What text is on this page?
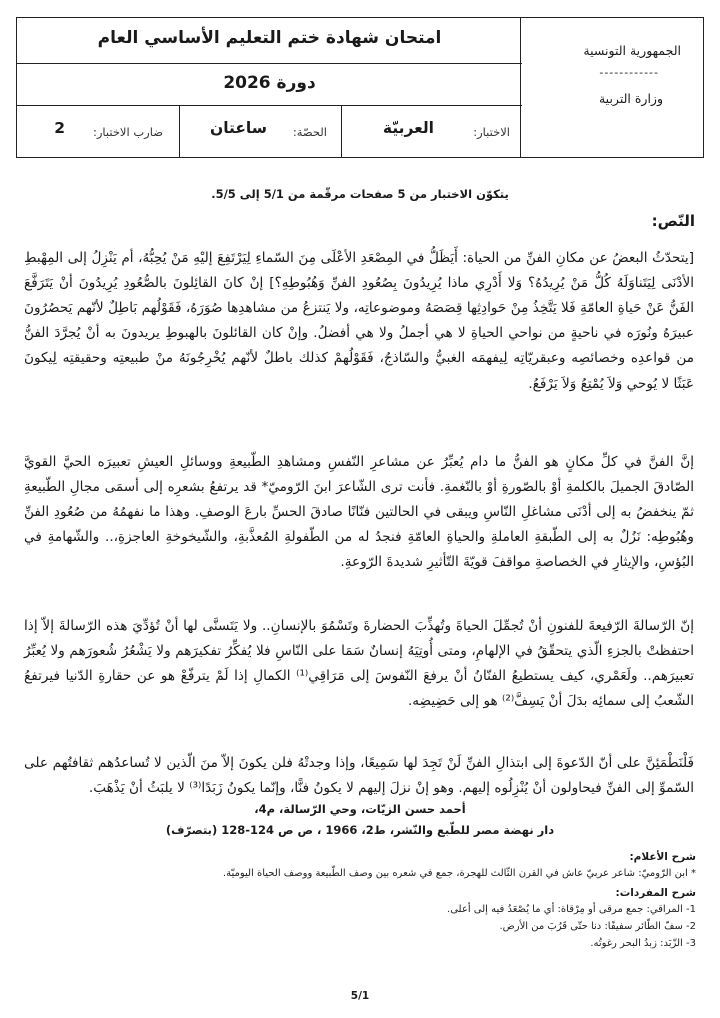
الجمهورية التونسية
------------
وزارة التربية
امتحان شهادة ختم التعليم الأساسي العام
دورة 2026
الاختبار:
العربيّة
الحصّة:
ساعتان
ضارب الاختبار:
2
يتكوّن الاختبار من 5 صفحات مرقّمة من 5/1 إلى 5/5.
النّص:

[يتحدّثُ البعضُ عن مكانِ الفنِّ من الحياة: أَيَظَلُّ في المِصْعَدِ الأعْلَى مِنَ السّماءِ لِيَرْتَفِعَ إليْهِ مَنْ يُحِبُّهُ، أم يَنْزِلُ إلى المِهْبطِ الأدْنَى لِيَتَناوَلَهُ كُلُّ مَنْ يُرِيدُهُ؟ وَلا أَدْرِي ماذا يُرِيدُونَ بِصُعُودِ الفنِّ وَهُبُوطِهِ؟] إنْ كانَ القائِلونَ بالصُّعُودِ يُرِيدُونَ أنْ يَتَرَفَّعَ الفَنُّ عَنْ حَياةِ العامّةِ فَلا يَتَّخِذُ مِنْ حَوادِثِها قِصَصَهُ وموضوعاتِه، ولا يَنتزعُ من مشاهدِها صُوَرَهُ، فَقَوْلُهم بَاطِلٌ لأنّهم يَحصُرُونَ عبيرَهُ ونُورَه في ناحيةٍ من نواحي الحياةِ لا هي أجملُ ولا هي أفضلُ. وإنْ كان القائلونَ بالهبوطِ يريدونَ به أنْ يُجرَّدَ الفنُّ من قواعدِه وخصائصِه وعبقريّاتِه لِيفهمَه الغبيُّ والسّاذجُ، فَقَوْلُهمْ كذلك باطلٌ لأنّهم يُخْرِجُونَهُ منْ طبيعتِه وحقيقتِه لِيكونَ عَبَثًا لا يُوحي وَلاَ يُمْتِعُ وَلاَ يَرْفَعُ.

إنَّ الفنَّ في كلِّ مكانٍ هو الفنُّ ما دام يُعبِّرُ عن مشاعرِ النّفسِ ومشاهدِ الطّبيعةِ ووسائلِ العيشِ تعبيرَه الحيَّ القويَّ الصّادقَ الجميلَ بالكلمةِ أوْ بالصّورةِ أوْ بالنّغمةِ. فأنت ترى الشّاعرَ ابنَ الرّوميّ* قد يرتفعُ بشعرِه إلى أسمَى مجالِ الطّبيعةِ ثمّ ينخفضُ به إلى أدْنَى مشاغلِ النّاسِ ويبقى في الحالتين فنّانًا صادقَ الحسِّ بارعَ الوصفِ. وهذا ما نفهمُهُ من صُعُودِ الفنِّ وهُبُوطِه: نَزُلٌ به إلى الطّبقةِ العاملةِ والحياةِ العامّةِ فنجدُ له من الطّفولةِ المُعذَّبةِ، والشّيخوخةِ العاجزةِ،.. والشّهامةِ في البُؤسِ، والإيثارِ في الخصاصةِ مواقفَ قويّةَ التّأثيرِ شديدةَ الرّوعةِ.

إنّ الرّسالةَ الرّفيعةَ للفنونِ أنْ تُجمِّلَ الحياةَ وتُهذِّبَ الحضارةَ وتَسْمُوَ بالإنسانِ.. ولا يَتَسنَّى لها أنْ تُؤدِّيَ هذه الرّسالةَ إلاّ إذا احتفظتْ بالجزءِ الّذي يتحقّقُ في الإلهامِ، ومتى أُوتِيَهُ إنسانٌ سَمَا على النّاسِ فلا يُفكِّرُ تفكيرَهم ولا يَشْعُرُ شُعورَهم ولا يُعبِّرُ تعبيرَهم.. ولَعَمْري، كيف يستطيعُ الفنّانُ أنْ يرفعَ النّفوسَ إلى مَرَاقِي⁽¹⁾ الكمالِ إذا لَمْ يترفّعْ هو عن حقارةِ الدّنيا فيرتفعُ الشّعبُ إلى سمائِه بدَلَ أنْ يَسِفَّ⁽²⁾ هو إلى حَضِيضِه.

فَلْنَطْمَئِنَّ على أنّ الدّعوةَ إلى ابتذالِ الفنِّ لَنْ تَجِدَ لها سَمِيعًا، وإذا وجدتْهُ فلن يكونَ إلاّ منَ الّذين لا تُساعدُهم ثقافتُهم على السّموِّ إلى الفنِّ فيحاولون أنْ يُنْزِلُوه إليهم. وهو إنْ نزلَ إليهم لا يكونُ فنًّا، وإنّما يكونُ زَبَدًا⁽³⁾ لا يلبَثُ أنْ يَذْهَبَ.

أحمد حسن الزيّات، وحي الرّسالة، م4،
دار نهضة مصر للطّبع والنّشر، ط2، 1966 ، ص ص 124-128 (بتصرّف)
شرح الأعلام:
* ابن الرّوميّ: شاعر عربيّ عاش في القرن الثّالث للهجرة، جمع في شعره بين وصف الطّبيعة ووصف الحياة اليوميّة.
شرح المفردات:
1- المراقي: جمع مرقى أو مِرْقاة: أي ما يُصْعَدُ فيه إلى أعلى.
2- سفّ الطّائر سفيفًا: دنا حتّى قَرُبَ من الأرض.
3- الزّبَد: زبدُ البحر رغوتُه.
5/1
